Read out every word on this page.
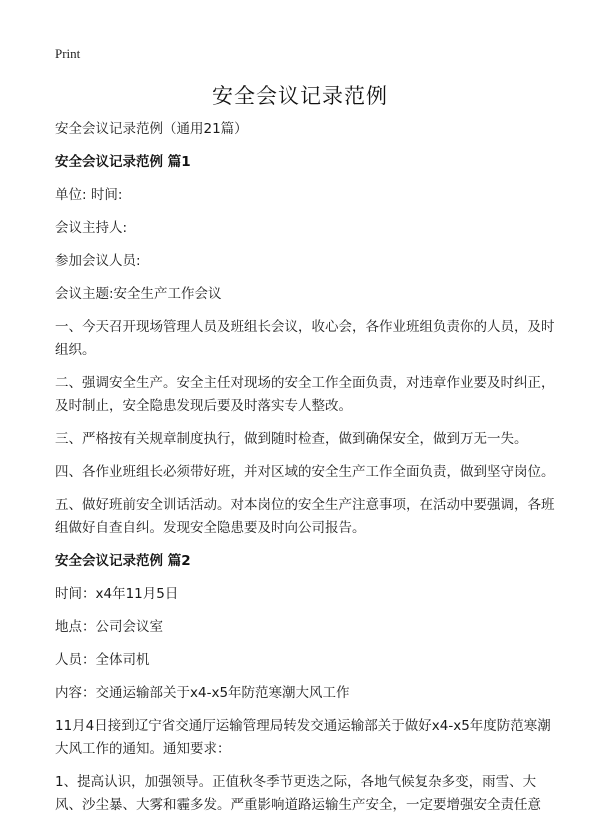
Print
安全会议记录范例
安全会议记录范例（通用21篇）
安全会议记录范例 篇1
单位: 时间:
会议主持人:
参加会议人员:
会议主题:安全生产工作会议
一、今天召开现场管理人员及班组长会议，收心会，各作业班组负责你的人员，及时组织。
二、强调安全生产。安全主任对现场的安全工作全面负责，对违章作业要及时纠正，及时制止，安全隐患发现后要及时落实专人整改。
三、严格按有关规章制度执行，做到随时检查，做到确保安全，做到万无一失。
四、各作业班组长必须带好班，并对区域的安全生产工作全面负责，做到坚守岗位。
五、做好班前安全训话活动。对本岗位的安全生产注意事项，在活动中要强调，各班组做好自查自纠。发现安全隐患要及时向公司报告。
安全会议记录范例 篇2
时间：x4年11月5日
地点：公司会议室
人员：全体司机
内容：交通运输部关于x4-x5年防范寒潮大风工作
11月4日接到辽宁省交通厅运输管理局转发交通运输部关于做好x4-x5年度防范寒潮大风工作的通知。通知要求：
1、提高认识，加强领导。正值秋冬季节更迭之际，各地气候复杂多变，雨雪、大风、沙尘暴、大雾和霾多发。严重影响道路运输生产安全，一定要增强安全责任意
